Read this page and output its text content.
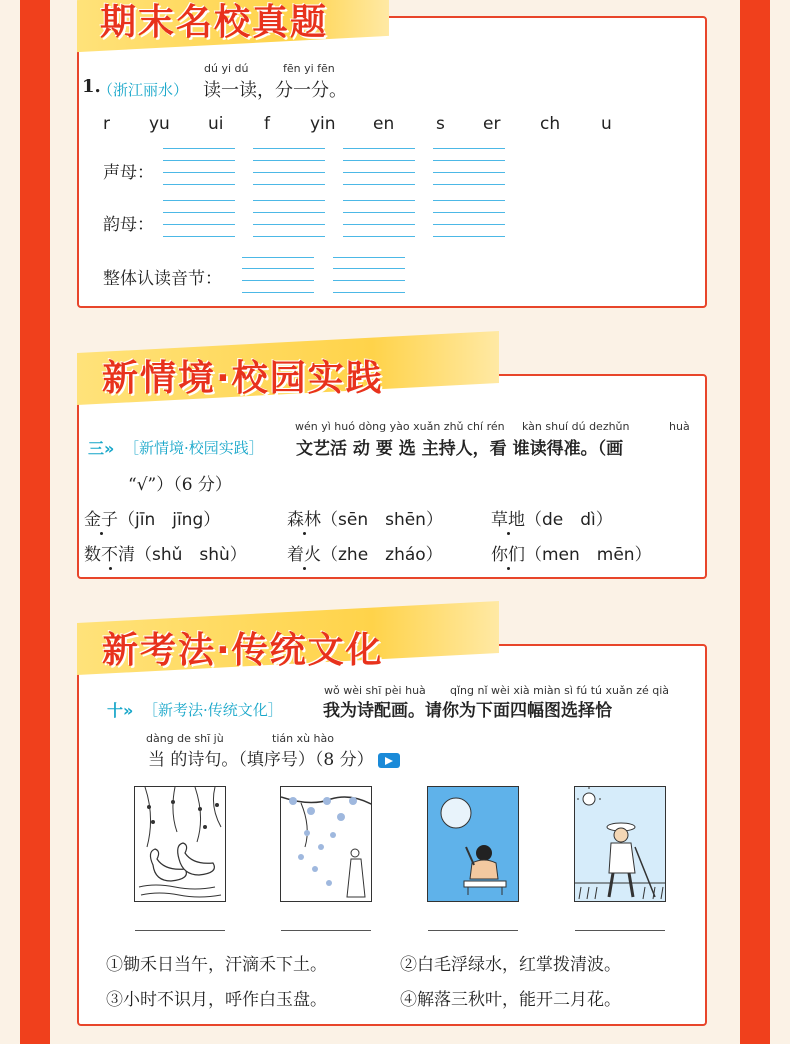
期末名校真题
dú yi dú	fēn yi fēn
1.
（浙江丽水） 读一读，分一分。
r yu ui f yin en s er ch u
声母：
韵母：
整体认读音节：
新情境·校园实践
wén yì huó dòng yào xuǎn zhǔ chí rén kàn shuí dú dezhǔn	huà
三» ［新情境·校园实践］ 文艺活 动 要 选 主持人，看 谁读得准。（画
“√”）（6 分）
金子（jīn　jīng）	森林（sēn　shēn）	草地（de　dì）
数不清（shǔ　shù） 着火（zhe　zháo）	你们（men　mēn）
新考法·传统文化
wǒ wèi shī pèi huà qǐng nǐ wèi xià miàn sì fú tú xuǎn zé qià
十» ［新考法·传统文化］ 我为诗配画。请你为下面四幅图选择恰
dàng de shī jù	tián xù hào
当 的诗句。（填序号）（8 分）
①锄禾日当午，汗滴禾下土。	②白毛浮绿水，红掌拨清波。
③小时不识月，呼作白玉盘。	④解落三秋叶，能开二月花。
